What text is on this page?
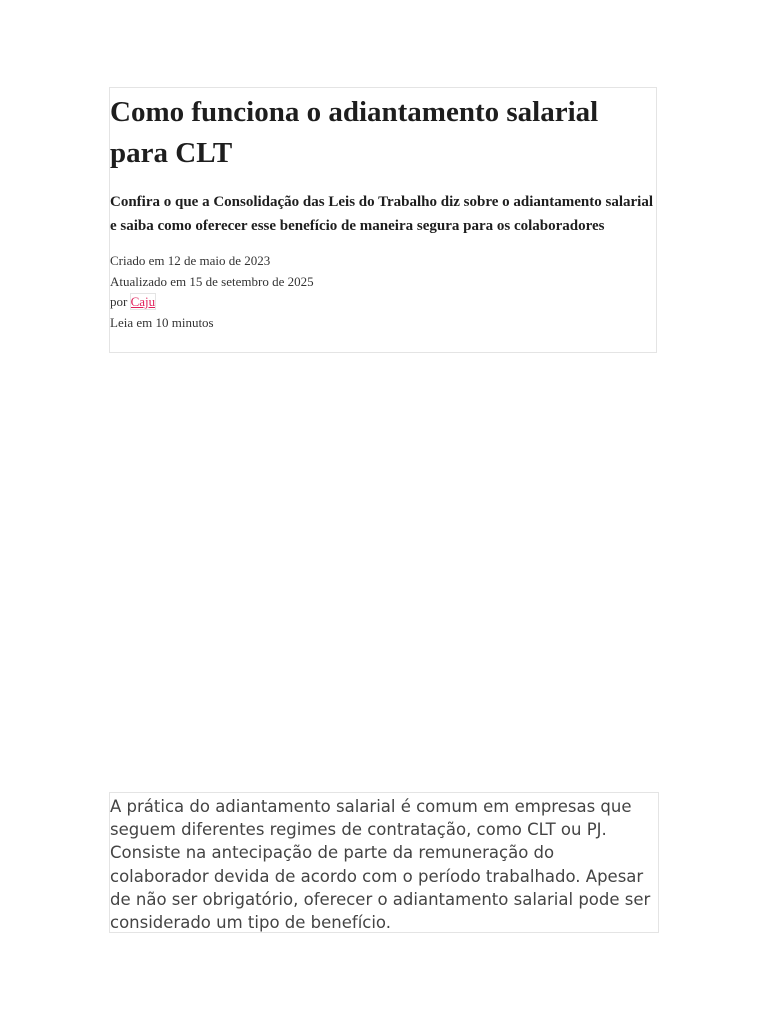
Como funciona o adiantamento salarial para CLT

Confira o que a Consolidação das Leis do Trabalho diz sobre o adiantamento salarial e saiba como oferecer esse benefício de maneira segura para os colaboradores

Criado em 12 de maio de 2023
Atualizado em 15 de setembro de 2025
por Caju
Leia em 10 minutos

A prática do adiantamento salarial é comum em empresas que seguem diferentes regimes de contratação, como CLT ou PJ. Consiste na antecipação de parte da remuneração do colaborador devida de acordo com o período trabalhado. Apesar de não ser obrigatório, oferecer o adiantamento salarial pode ser considerado um tipo de benefício.
